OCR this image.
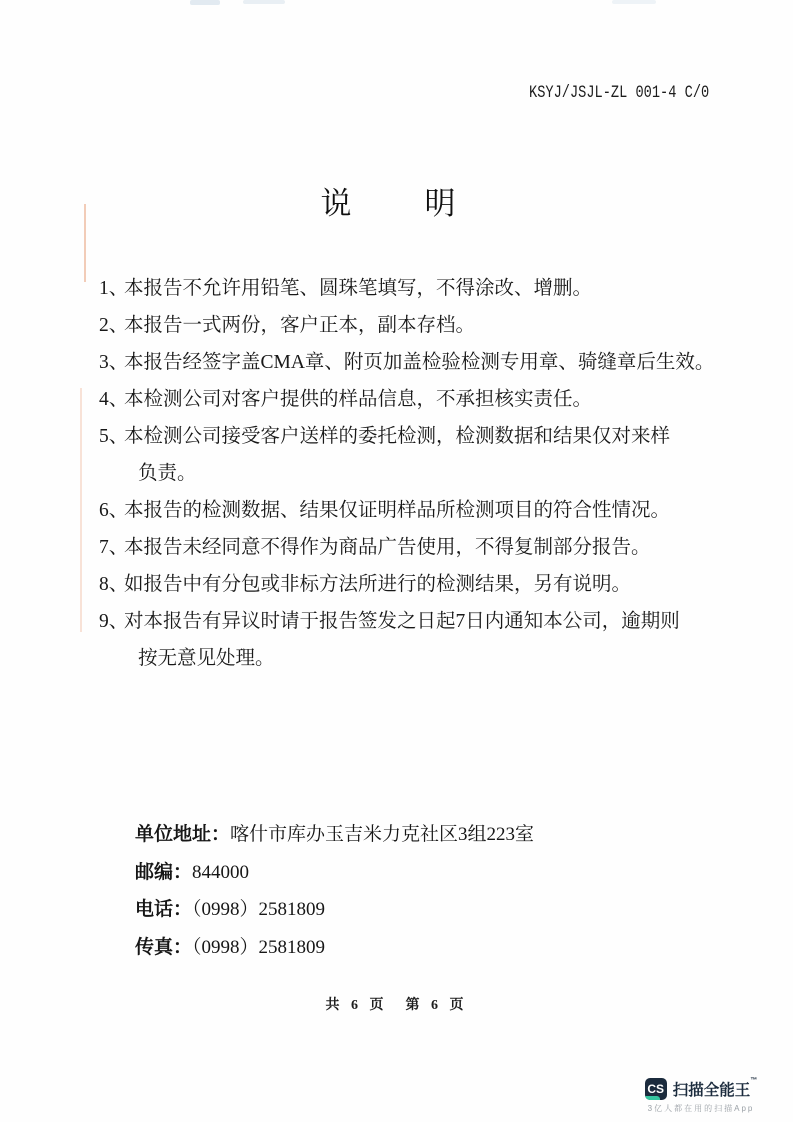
KSYJ/JSJL-ZL 001-4 C/0
说 明
1、
本报告不允许用铅笔、圆珠笔填写，不得涂改、增删。
2、
本报告一式两份，客户正本，副本存档。
3、
本报告经签字盖CMA章、附页加盖检验检测专用章、骑缝章后生效。
4、
本检测公司对客户提供的样品信息，不承担核实责任。
5、
本检测公司接受客户送样的委托检测，检测数据和结果仅对来样
负责。
6、
本报告的检测数据、结果仅证明样品所检测项目的符合性情况。
7、
本报告未经同意不得作为商品广告使用，不得复制部分报告。
8、
如报告中有分包或非标方法所进行的检测结果，另有说明。
9、
对本报告有异议时请于报告签发之日起7日内通知本公司，逾期则
按无意见处理。
单位地址：喀什市库办玉吉米力克社区3组223室
邮编：844000
电话：（0998）2581809
传真：（0998）2581809
共 6 页 第 6 页
CS 扫描全能王™
3亿人都在用的扫描App
